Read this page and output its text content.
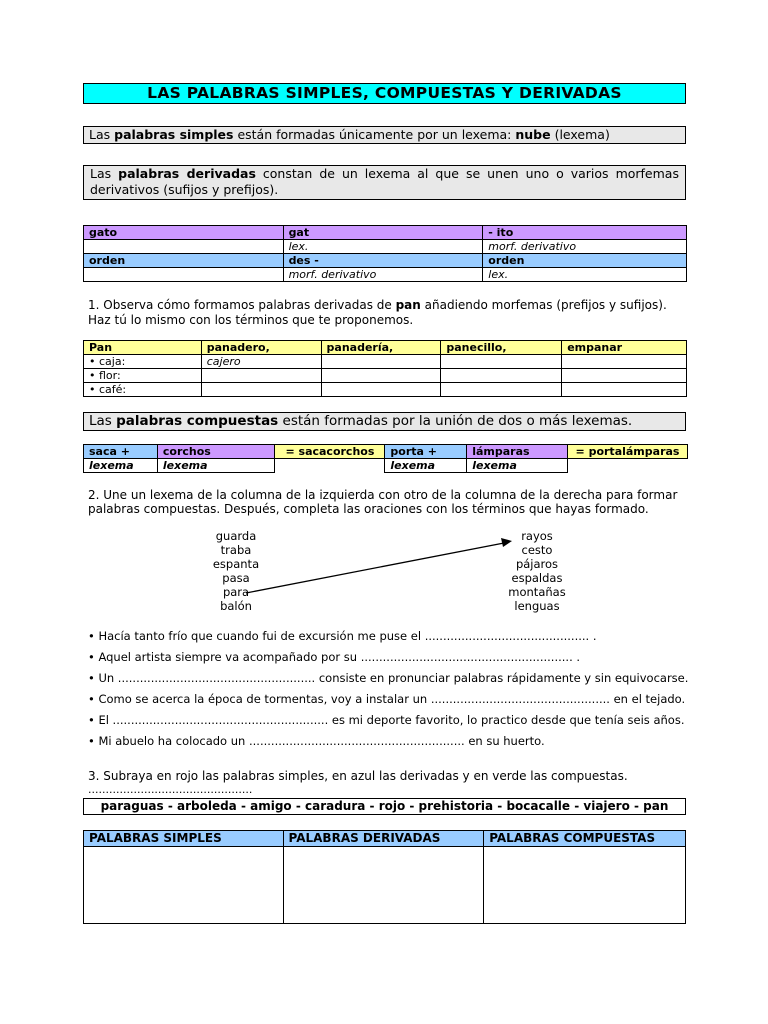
LAS PALABRAS SIMPLES, COMPUESTAS Y DERIVADAS
Las palabras simples están formadas únicamente por un lexema: nube (lexema)
Las palabras derivadas constan de un lexema al que se unen uno o varios morfemas
derivativos (sufijos y prefijos).
gato	gat	- ito
	lex.	morf. derivativo
orden	des -	orden
	morf. derivativo	lex.
1. Observa cómo formamos palabras derivadas de pan añadiendo morfemas (prefijos y sufijos).
Haz tú lo mismo con los términos que te proponemos.
Pan	panadero,	panadería,	panecillo,	empanar
• caja:	cajero			
• flor:				
• café:				
Las palabras compuestas están formadas por la unión de dos o más lexemas.
saca +	corchos	= sacacorchos	porta +	lámparas	= portalámparas
lexema	lexema		lexema	lexema	
2. Une un lexema de la columna de la izquierda con otro de la columna de la derecha para formar
palabras compuestas. Después, completa las oraciones con los términos que hayas formado.
guarda
traba
espanta
pasa
para
balón
rayos
cesto
pájaros
espaldas
montañas
lenguas
• Hacía tanto frío que cuando fui de excursión me puse el ............................................. .
• Aquel artista siempre va acompañado por su .......................................................... .
• Un ...................................................... consiste en pronunciar palabras rápidamente y sin equivocarse.
• Como se acerca la época de tormentas, voy a instalar un ................................................. en el tejado.
• El ........................................................... es mi deporte favorito, lo practico desde que tenía seis años.
• Mi abuelo ha colocado un ........................................................... en su huerto.
3. Subraya en rojo las palabras simples, en azul las derivadas y en verde las compuestas.
...............................................
paraguas - arboleda - amigo - caradura - rojo - prehistoria - bocacalle - viajero - pan
PALABRAS SIMPLES	PALABRAS DERIVADAS	PALABRAS COMPUESTAS
